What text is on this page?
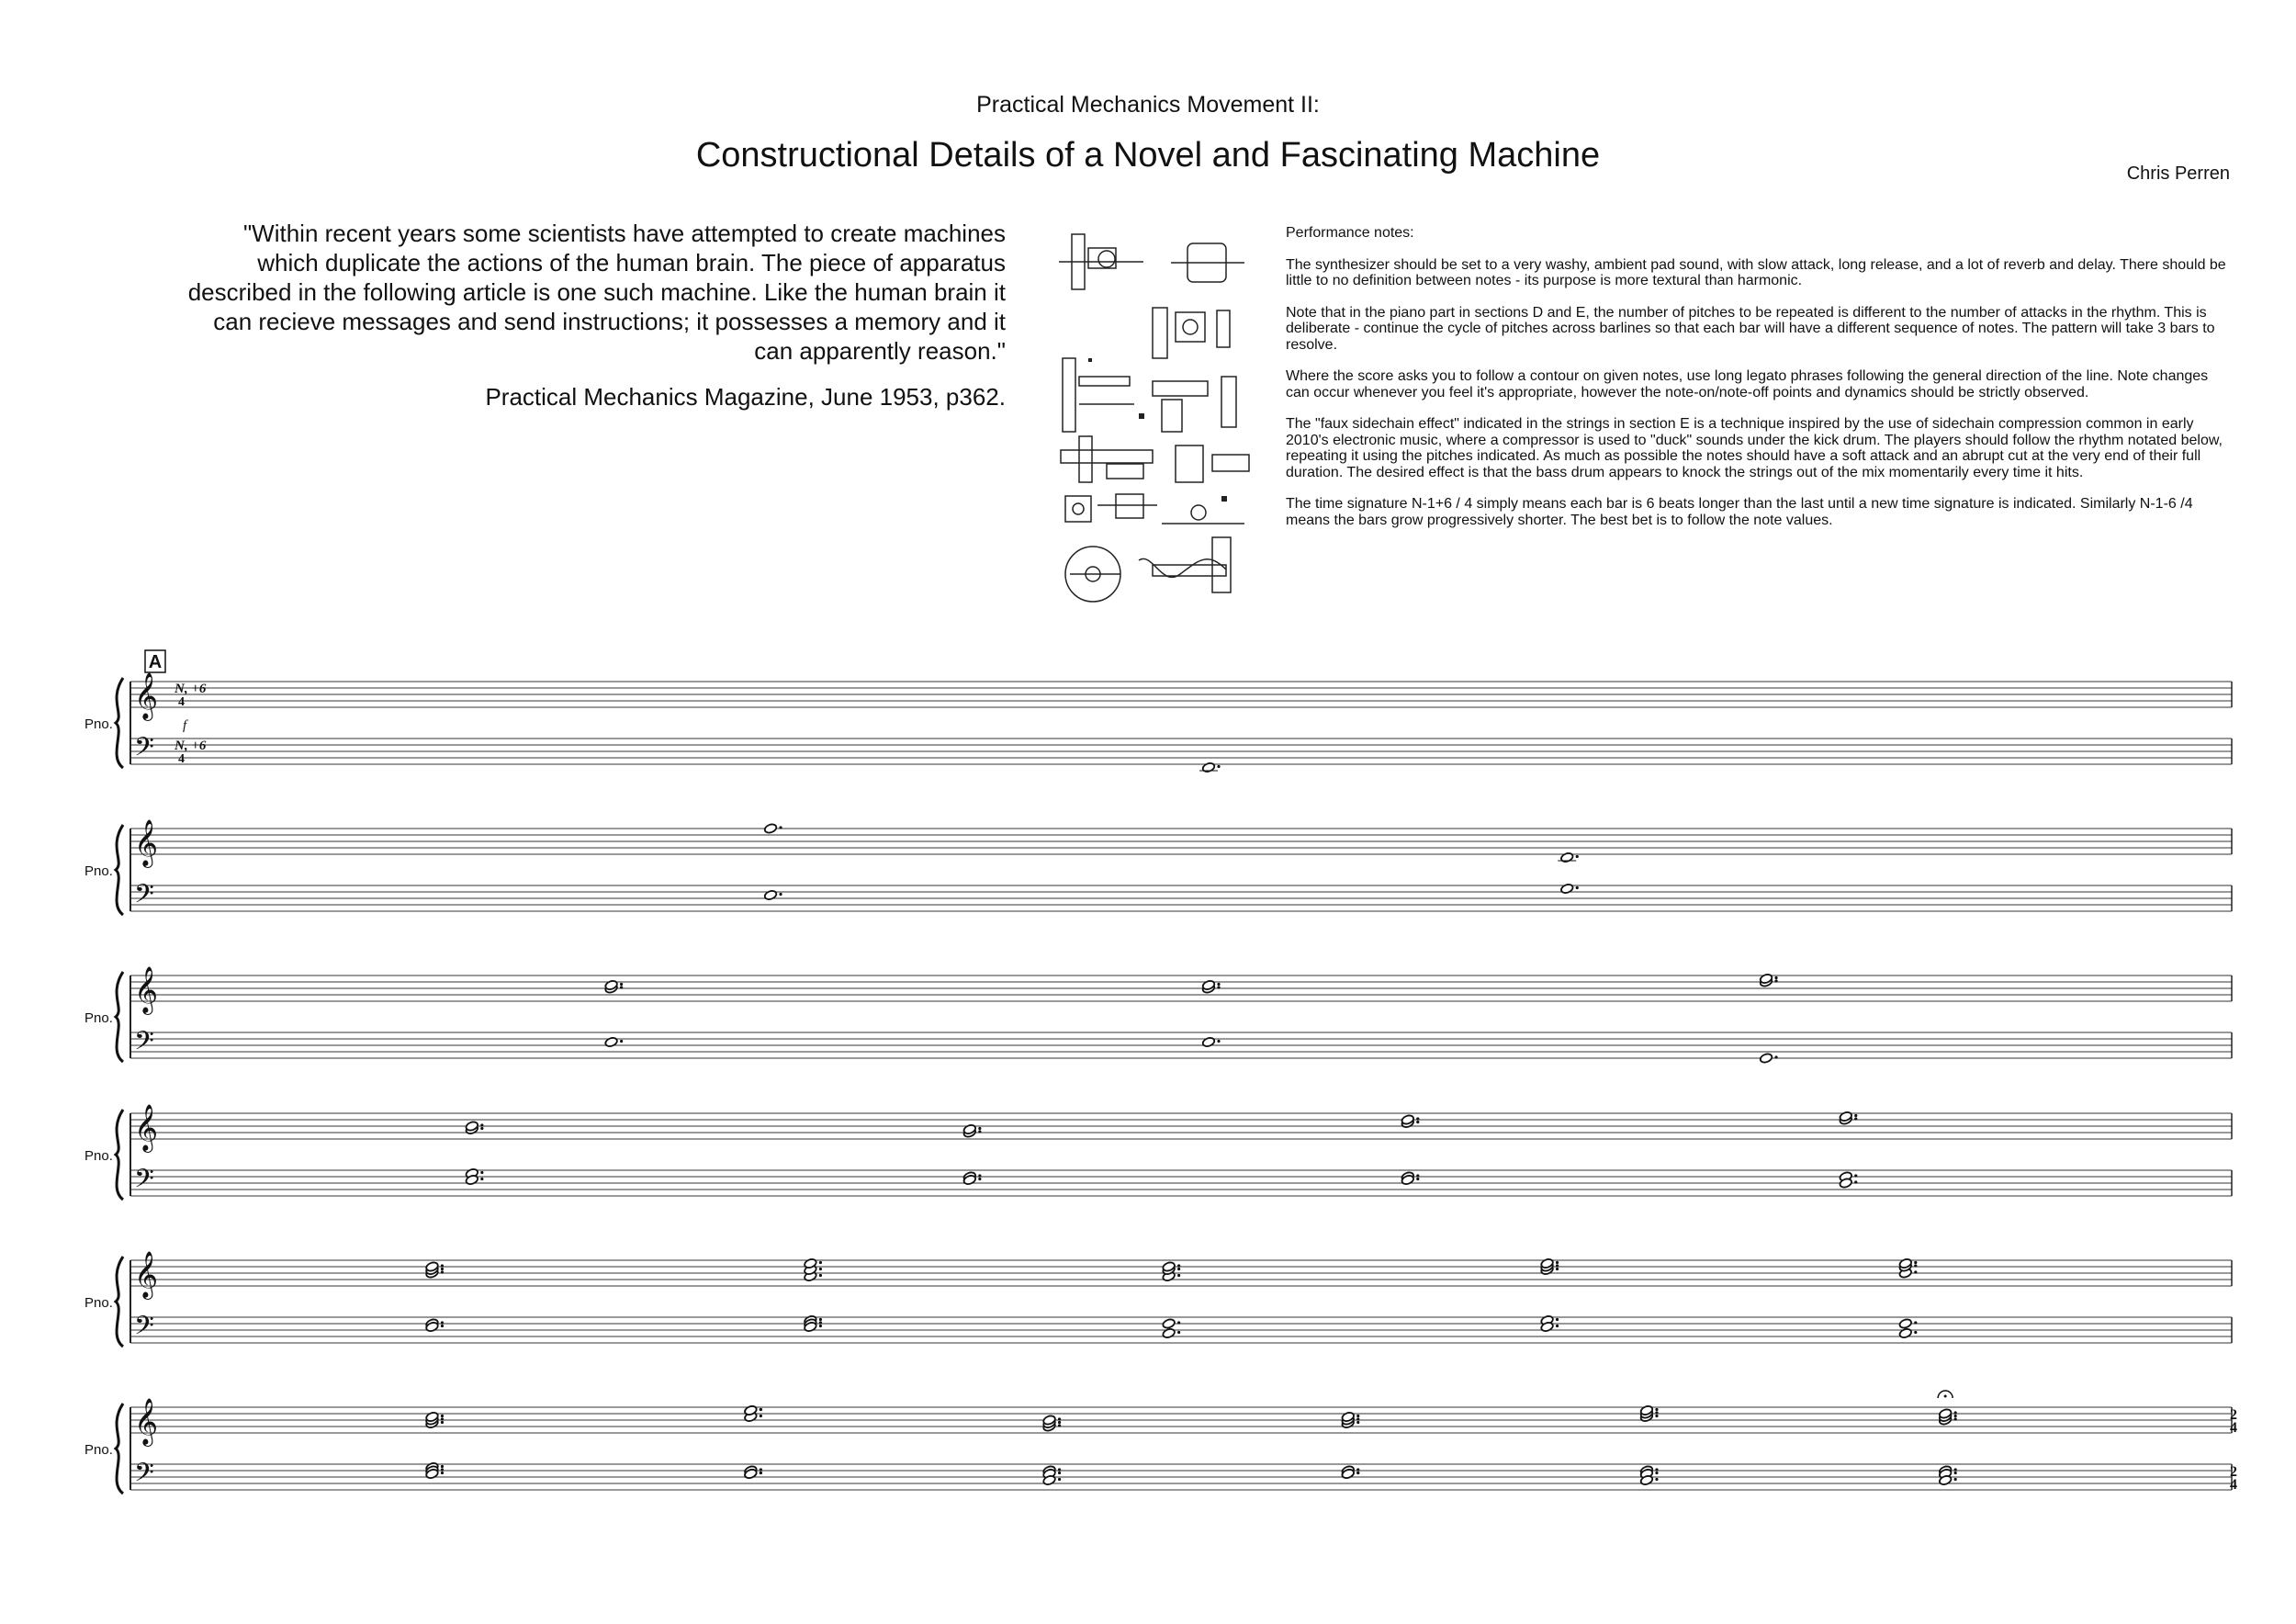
Practical Mechanics Movement II:
Constructional Details of a Novel and Fascinating Machine	Chris Perren
"Within recent years some scientists have attempted to create machines
which duplicate the actions of the human brain. The piece of apparatus
described in the following article is one such machine. Like the human brain it
can recieve messages and send instructions; it possesses a memory and it
can apparently reason."
Practical Mechanics Magazine, June 1953, p362.

Performance notes:

The synthesizer should be set to a very washy, ambient pad sound, with slow attack, long release, and a lot of reverb and delay. There should be little to no definition between notes - its purpose is more textural than harmonic.

Note that in the piano part in sections D and E, the number of pitches to be repeated is different to the number of attacks in the rhythm. This is deliberate - continue the cycle of pitches across barlines so that each bar will have a different sequence of notes. The pattern will take 3 bars to resolve.

Where the score asks you to follow a contour on given notes, use long legato phrases following the general direction of the line. Note changes can occur whenever you feel it's appropriate, however the note-on/note-off points and dynamics should be strictly observed.

The "faux sidechain effect" indicated in the strings in section E is a technique inspired by the use of sidechain compression common in early 2010's electronic music, where a compressor is used to "duck" sounds under the kick drum. The players should follow the rhythm notated below, repeating it using the pitches indicated. As much as possible the notes should have a soft attack and an abrupt cut at the very end of their full duration. The desired effect is that the bass drum appears to knock the strings out of the mix momentarily every time it hits.

The time signature N-1+6 / 4 simply means each bar is 6 beats longer than the last until a new time signature is indicated. Similarly N-1-6 /4 means the bars grow progressively shorter. The best bet is to follow the note values.

Pno.
𝄞
𝄢
A
N, +6
4
N, +6
4
f
Pno.
𝄞
𝄢
Pno.
𝄞
𝄢
Pno.
𝄞
𝄢
Pno.
𝄞
𝄢
Pno.
𝄞
𝄢
2
4
2
4
